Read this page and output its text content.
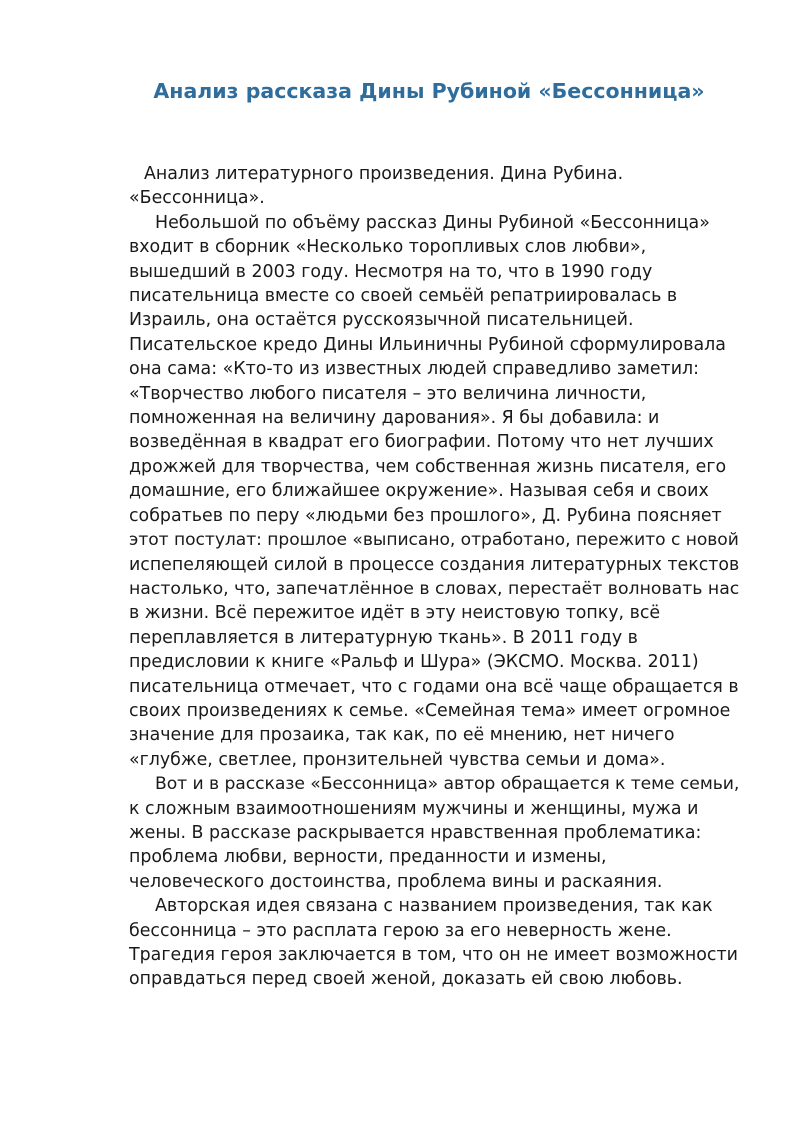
Анализ рассказа Дины Рубиной «Бессонница»

Анализ литературного произведения. Дина Рубина.
«Бессонница».

Небольшой по объёму рассказ Дины Рубиной «Бессонница»
входит в сборник «Несколько торопливых слов любви»,
вышедший в 2003 году. Несмотря на то, что в 1990 году
писательница вместе со своей семьёй репатриировалась в
Израиль, она остаётся русскоязычной писательницей.
Писательское кредо Дины Ильиничны Рубиной сформулировала
она сама: «Кто-то из известных людей справедливо заметил:
«Творчество любого писателя – это величина личности,
помноженная на величину дарования». Я бы добавила: и
возведённая в квадрат его биографии. Потому что нет лучших
дрожжей для творчества, чем собственная жизнь писателя, его
домашние, его ближайшее окружение». Называя себя и своих
собратьев по перу «людьми без прошлого», Д. Рубина поясняет
этот постулат: прошлое «выписано, отработано, пережито с новой
испепеляющей силой в процессе создания литературных текстов
настолько, что, запечатлённое в словах, перестаёт волновать нас
в жизни. Всё пережитое идёт в эту неистовую топку, всё
переплавляется в литературную ткань». В 2011 году в
предисловии к книге «Ральф и Шура» (ЭКСМО. Москва. 2011)
писательница отмечает, что с годами она всё чаще обращается в
своих произведениях к семье. «Семейная тема» имеет огромное
значение для прозаика, так как, по её мнению, нет ничего
«глубже, светлее, пронзительней чувства семьи и дома».

Вот и в рассказе «Бессонница» автор обращается к теме семьи,
к сложным взаимоотношениям мужчины и женщины, мужа и
жены. В рассказе раскрывается нравственная проблематика:
проблема любви, верности, преданности и измены,
человеческого достоинства, проблема вины и раскаяния.

Авторская идея связана с названием произведения, так как
бессонница – это расплата герою за его неверность жене.
Трагедия героя заключается в том, что он не имеет возможности
оправдаться перед своей женой, доказать ей свою любовь.
